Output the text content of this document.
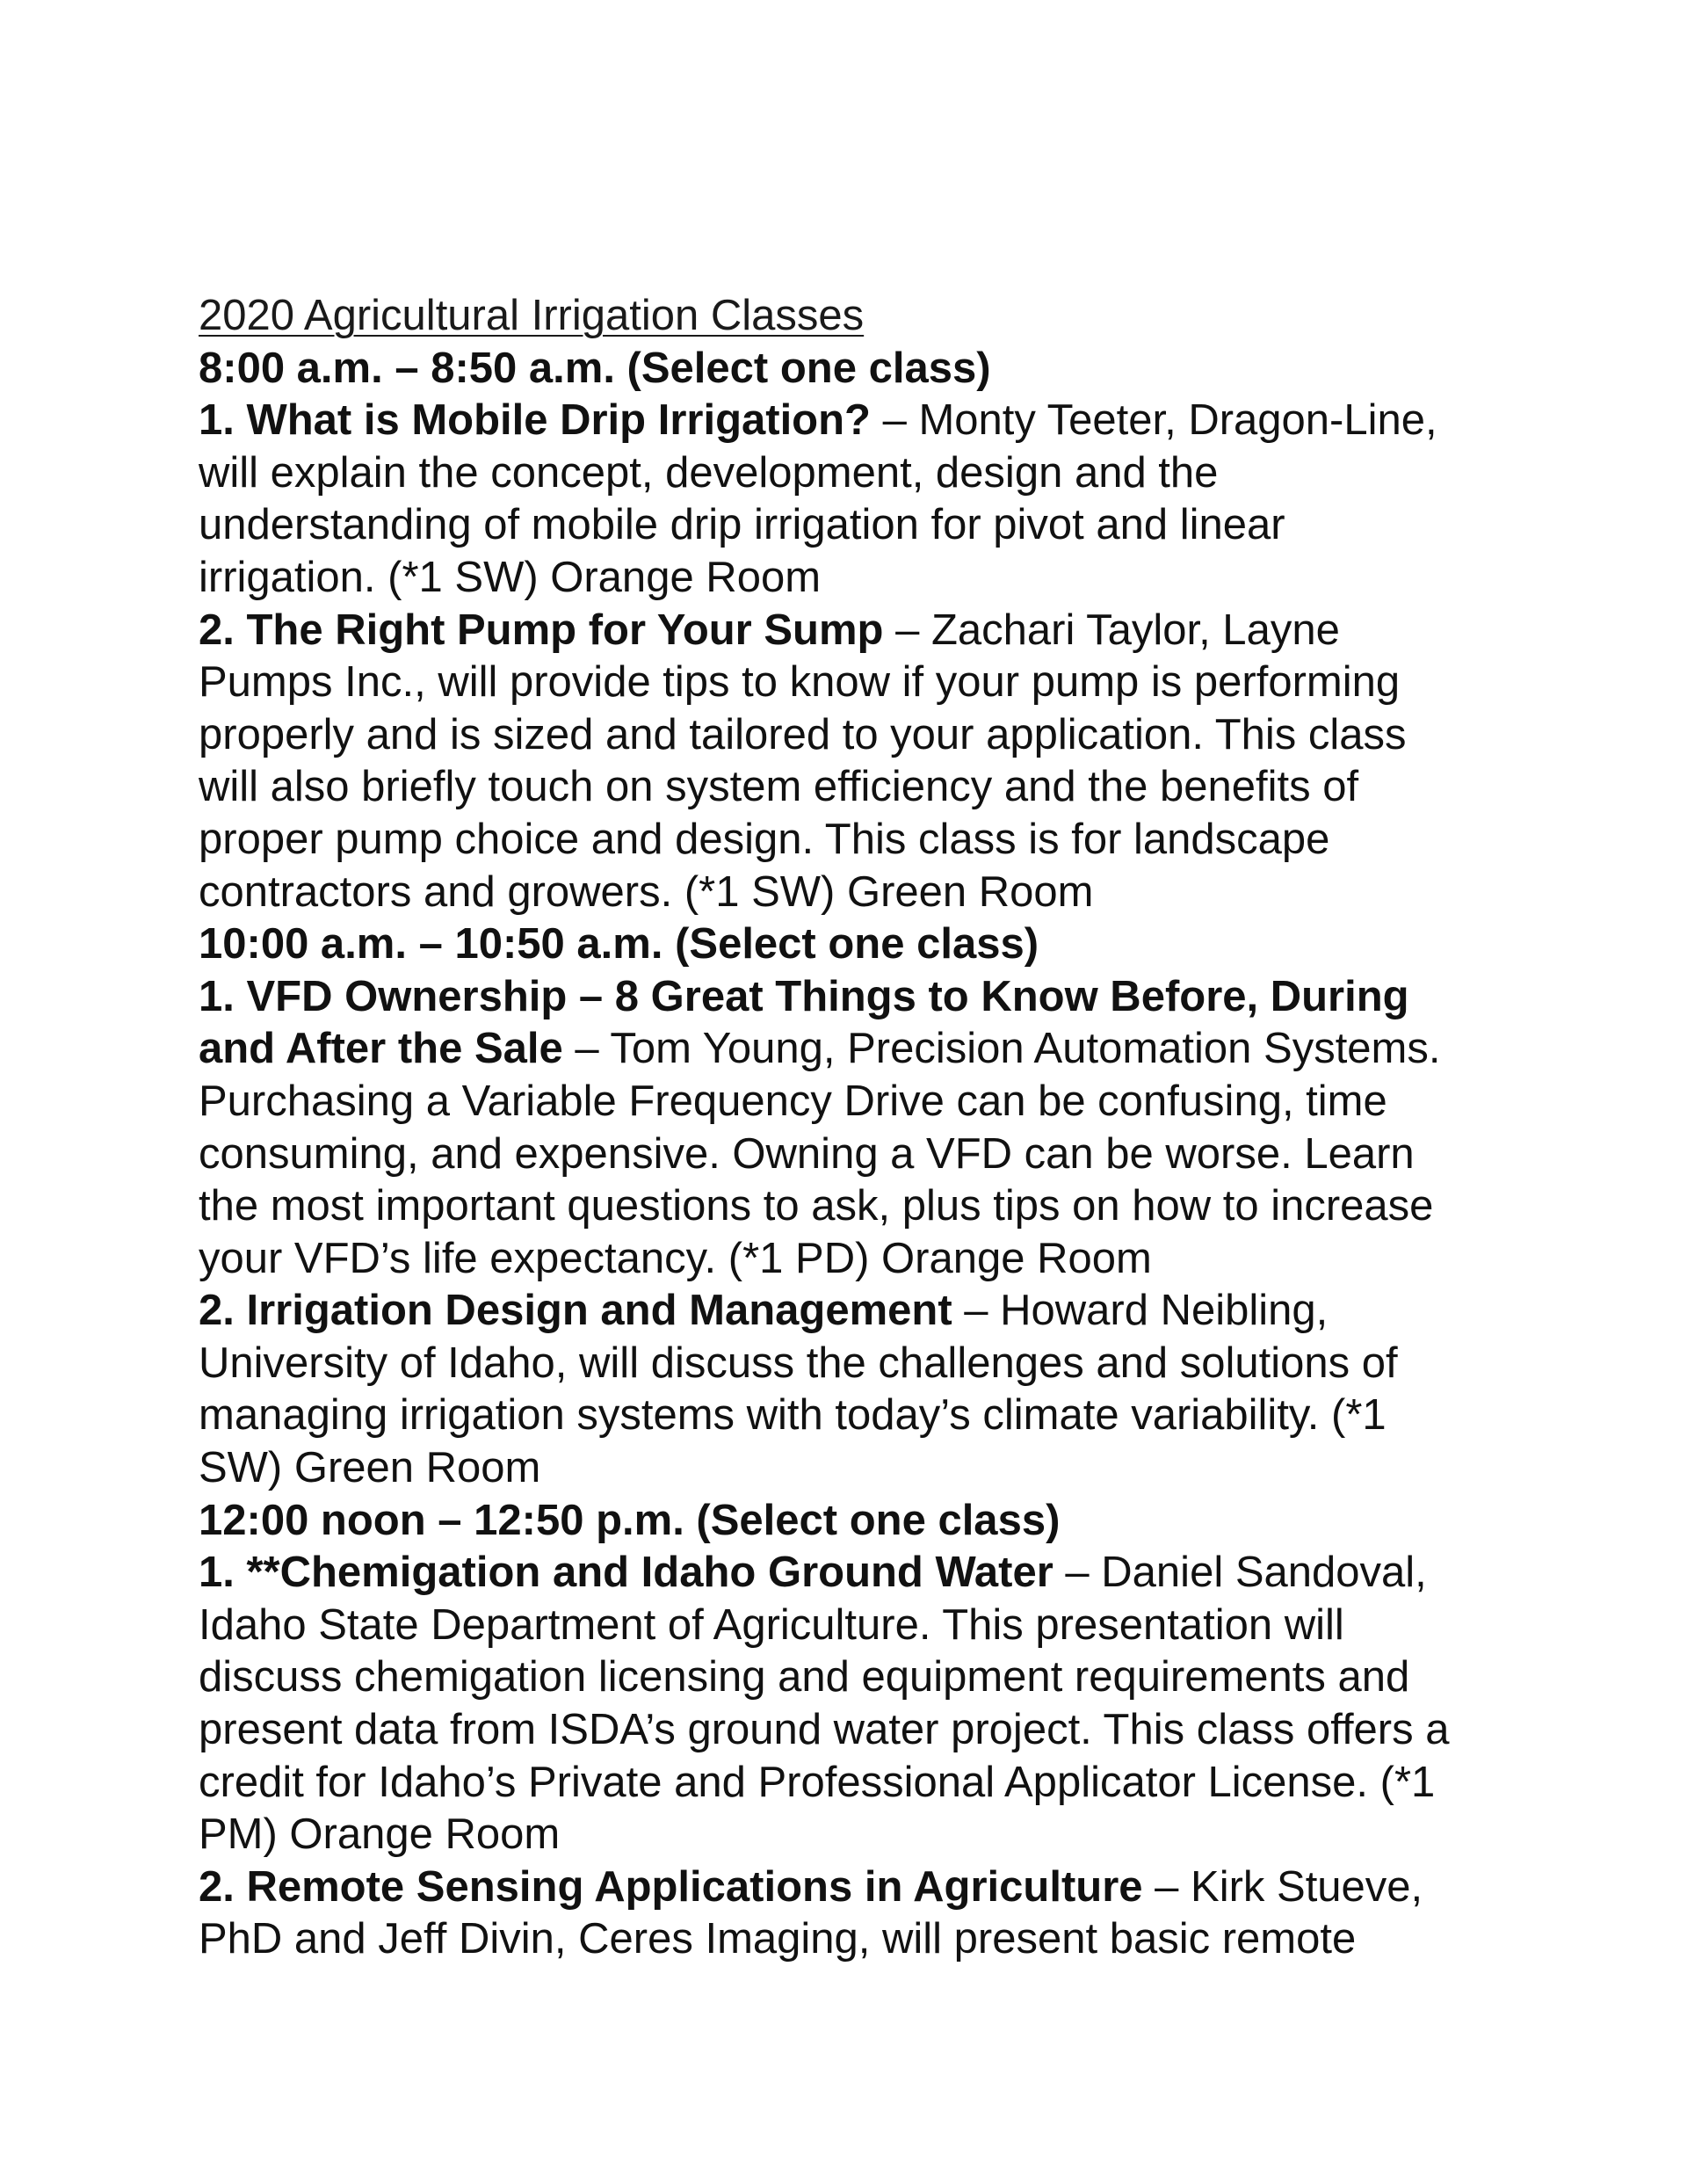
2020 Agricultural Irrigation Classes
8:00 a.m. – 8:50 a.m. (Select one class)
1. What is Mobile Drip Irrigation? – Monty Teeter, Dragon-Line,
will explain the concept, development, design and the
understanding of mobile drip irrigation for pivot and linear
irrigation. (*1 SW) Orange Room
2. The Right Pump for Your Sump – Zachari Taylor, Layne
Pumps Inc., will provide tips to know if your pump is performing
properly and is sized and tailored to your application. This class
will also briefly touch on system efficiency and the benefits of
proper pump choice and design. This class is for landscape
contractors and growers. (*1 SW) Green Room
10:00 a.m. – 10:50 a.m. (Select one class)
1. VFD Ownership – 8 Great Things to Know Before, During
and After the Sale – Tom Young, Precision Automation Systems.
Purchasing a Variable Frequency Drive can be confusing, time
consuming, and expensive. Owning a VFD can be worse. Learn
the most important questions to ask, plus tips on how to increase
your VFD’s life expectancy. (*1 PD) Orange Room
2. Irrigation Design and Management – Howard Neibling,
University of Idaho, will discuss the challenges and solutions of
managing irrigation systems with today’s climate variability. (*1
SW) Green Room
12:00 noon – 12:50 p.m. (Select one class)
1. **Chemigation and Idaho Ground Water – Daniel Sandoval,
Idaho State Department of Agriculture. This presentation will
discuss chemigation licensing and equipment requirements and
present data from ISDA’s ground water project. This class offers a
credit for Idaho’s Private and Professional Applicator License. (*1
PM) Orange Room
2. Remote Sensing Applications in Agriculture – Kirk Stueve,
PhD and Jeff Divin, Ceres Imaging, will present basic remote
